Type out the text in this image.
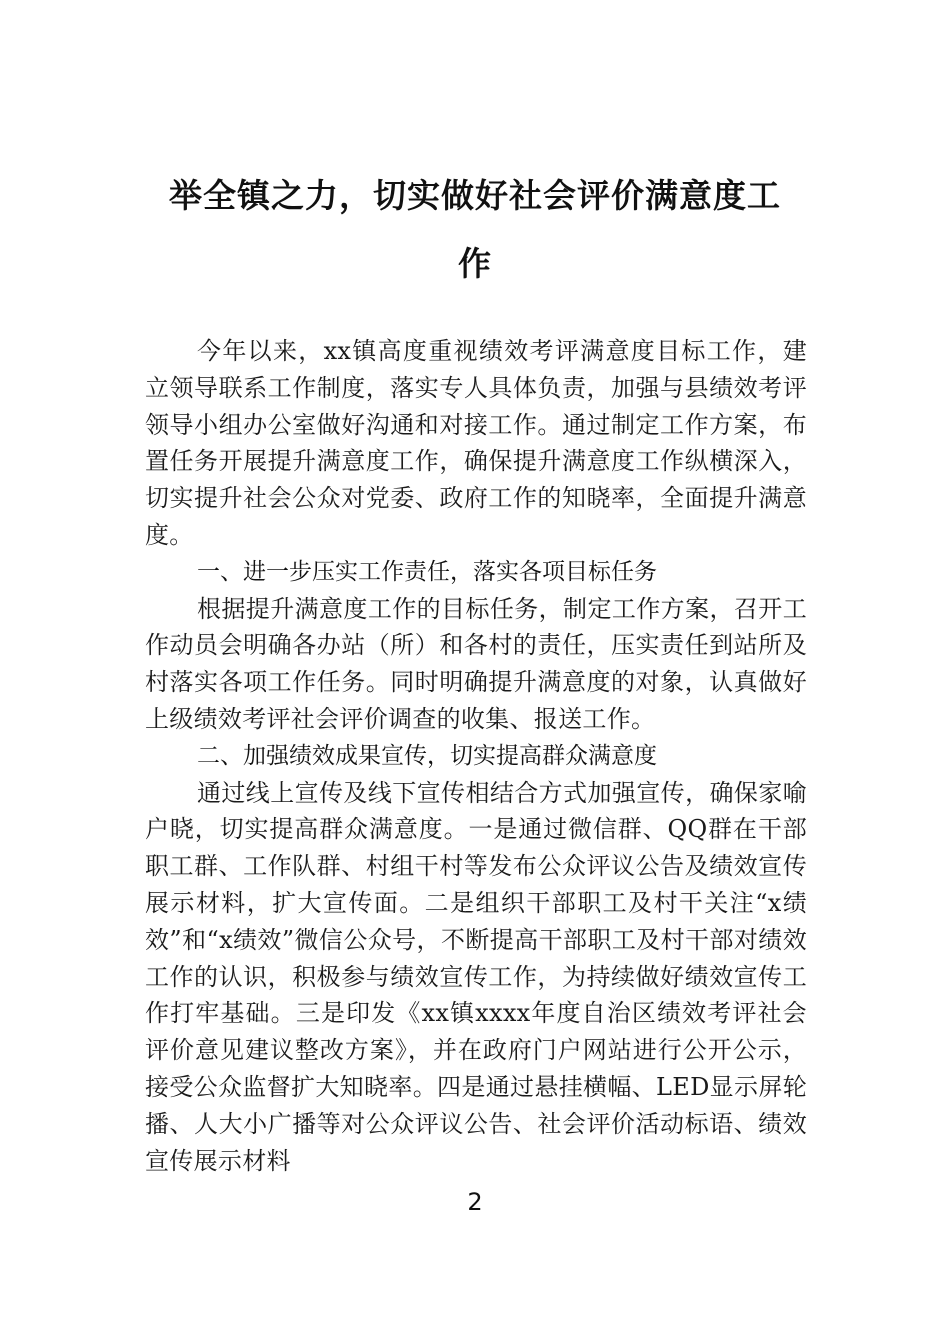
举全镇之力，切实做好社会评价满意度工
作

今年以来，xx镇高度重视绩效考评满意度目标工作，建立领导联系工作制度，落实专人具体负责，加强与县绩效考评领导小组办公室做好沟通和对接工作。通过制定工作方案，布置任务开展提升满意度工作，确保提升满意度工作纵横深入，切实提升社会公众对党委、政府工作的知晓率，全面提升满意度。

一、进一步压实工作责任，落实各项目标任务

根据提升满意度工作的目标任务，制定工作方案，召开工作动员会明确各办站（所）和各村的责任，压实责任到站所及村落实各项工作任务。同时明确提升满意度的对象，认真做好上级绩效考评社会评价调查的收集、报送工作。

二、加强绩效成果宣传，切实提高群众满意度

通过线上宣传及线下宣传相结合方式加强宣传，确保家喻户晓，切实提高群众满意度。一是通过微信群、QQ群在干部职工群、工作队群、村组干村等发布公众评议公告及绩效宣传展示材料，扩大宣传面。二是组织干部职工及村干关注“x绩效”和“x绩效”微信公众号，不断提高干部职工及村干部对绩效工作的认识，积极参与绩效宣传工作，为持续做好绩效宣传工作打牢基础。三是印发《xx镇xxxx年度自治区绩效考评社会评价意见建议整改方案》，并在政府门户网站进行公开公示，接受公众监督扩大知晓率。四是通过悬挂横幅、LED显示屏轮播、人大小广播等对公众评议公告、社会评价活动标语、绩效宣传展示材料

2
